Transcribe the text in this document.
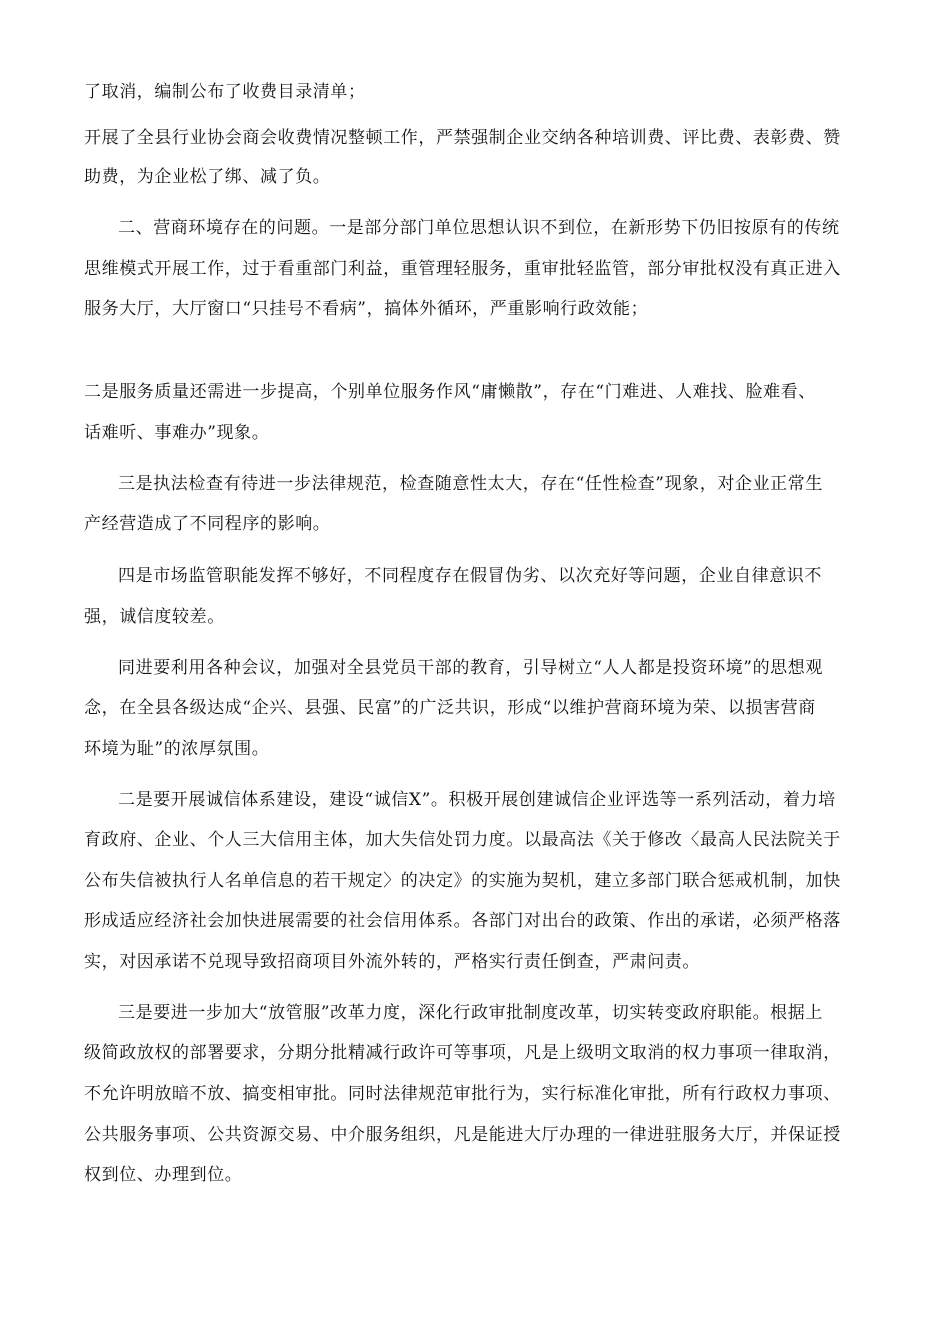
了取消，编制公布了收费目录清单；
开展了全县行业协会商会收费情况整顿工作，严禁强制企业交纳各种培训费、评比费、表彰费、赞
助费，为企业松了绑、减了负。
二、营商环境存在的问题。一是部分部门单位思想认识不到位，在新形势下仍旧按原有的传统
思维模式开展工作，过于看重部门利益，重管理轻服务，重审批轻监管，部分审批权没有真正进入
服务大厅，大厅窗口“只挂号不看病”，搞体外循环，严重影响行政效能；
二是服务质量还需进一步提高，个别单位服务作风“庸懒散”，存在“门难进、人难找、脸难看、
话难听、事难办”现象。
三是执法检查有待进一步法律规范，检查随意性太大，存在“任性检查”现象，对企业正常生
产经营造成了不同程序的影响。
四是市场监管职能发挥不够好，不同程度存在假冒伪劣、以次充好等问题，企业自律意识不
强，诚信度较差。
同进要利用各种会议，加强对全县党员干部的教育，引导树立“人人都是投资环境”的思想观
念，在全县各级达成“企兴、县强、民富”的广泛共识，形成“以维护营商环境为荣、以损害营商
环境为耻”的浓厚氛围。
二是要开展诚信体系建设，建设“诚信X”。积极开展创建诚信企业评选等一系列活动，着力培
育政府、企业、个人三大信用主体，加大失信处罚力度。以最高法《关于修改〈最高人民法院关于
公布失信被执行人名单信息的若干规定〉的决定》的实施为契机，建立多部门联合惩戒机制，加快
形成适应经济社会加快进展需要的社会信用体系。各部门对出台的政策、作出的承诺，必须严格落
实，对因承诺不兑现导致招商项目外流外转的，严格实行责任倒查，严肃问责。
三是要进一步加大“放管服”改革力度，深化行政审批制度改革，切实转变政府职能。根据上
级简政放权的部署要求，分期分批精减行政许可等事项，凡是上级明文取消的权力事项一律取消，
不允许明放暗不放、搞变相审批。同时法律规范审批行为，实行标准化审批，所有行政权力事项、
公共服务事项、公共资源交易、中介服务组织，凡是能进大厅办理的一律进驻服务大厅，并保证授
权到位、办理到位。
